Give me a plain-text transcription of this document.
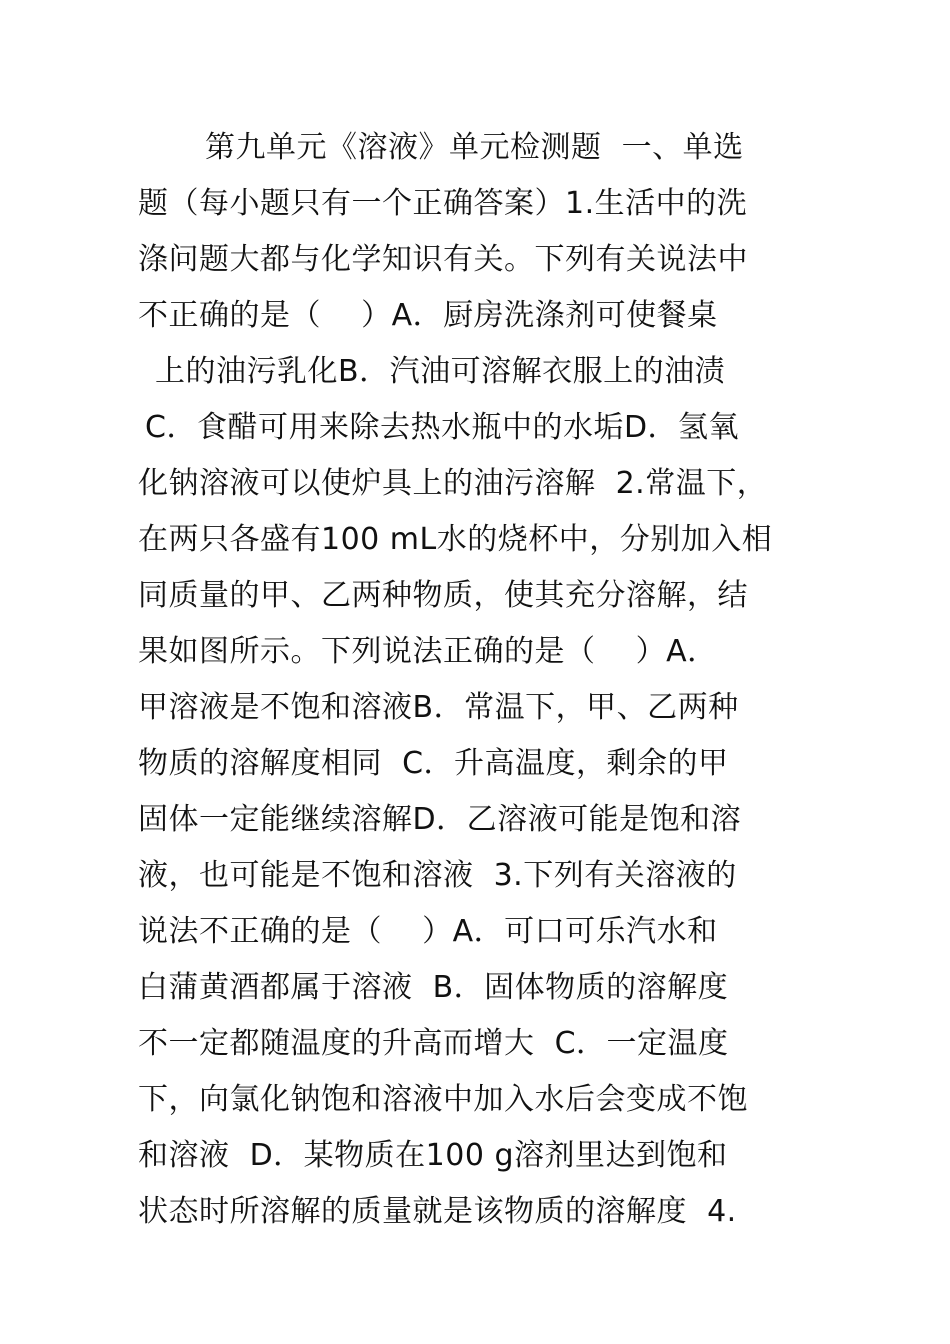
第九单元《溶液》单元检测题  一、单选
题（每小题只有一个正确答案）1.生活中的洗
涤问题大都与化学知识有关。下列有关说法中
不正确的是（    ）A．厨房洗涤剂可使餐桌
上的油污乳化B．汽油可溶解衣服上的油渍
C．食醋可用来除去热水瓶中的水垢D．氢氧
化钠溶液可以使炉具上的油污溶解  2.常温下，
在两只各盛有100 mL水的烧杯中，分别加入相
同质量的甲、乙两种物质，使其充分溶解，结
果如图所示。下列说法正确的是（    ）A．
甲溶液是不饱和溶液B．常温下，甲、乙两种
物质的溶解度相同  C．升高温度，剩余的甲
固体一定能继续溶解D．乙溶液可能是饱和溶
液，也可能是不饱和溶液  3.下列有关溶液的
说法不正确的是（    ）A．可口可乐汽水和
白蒲黄酒都属于溶液  B．固体物质的溶解度
不一定都随温度的升高而增大  C．一定温度
下，向氯化钠饱和溶液中加入水后会变成不饱
和溶液  D．某物质在100 g溶剂里达到饱和
状态时所溶解的质量就是该物质的溶解度  4.
